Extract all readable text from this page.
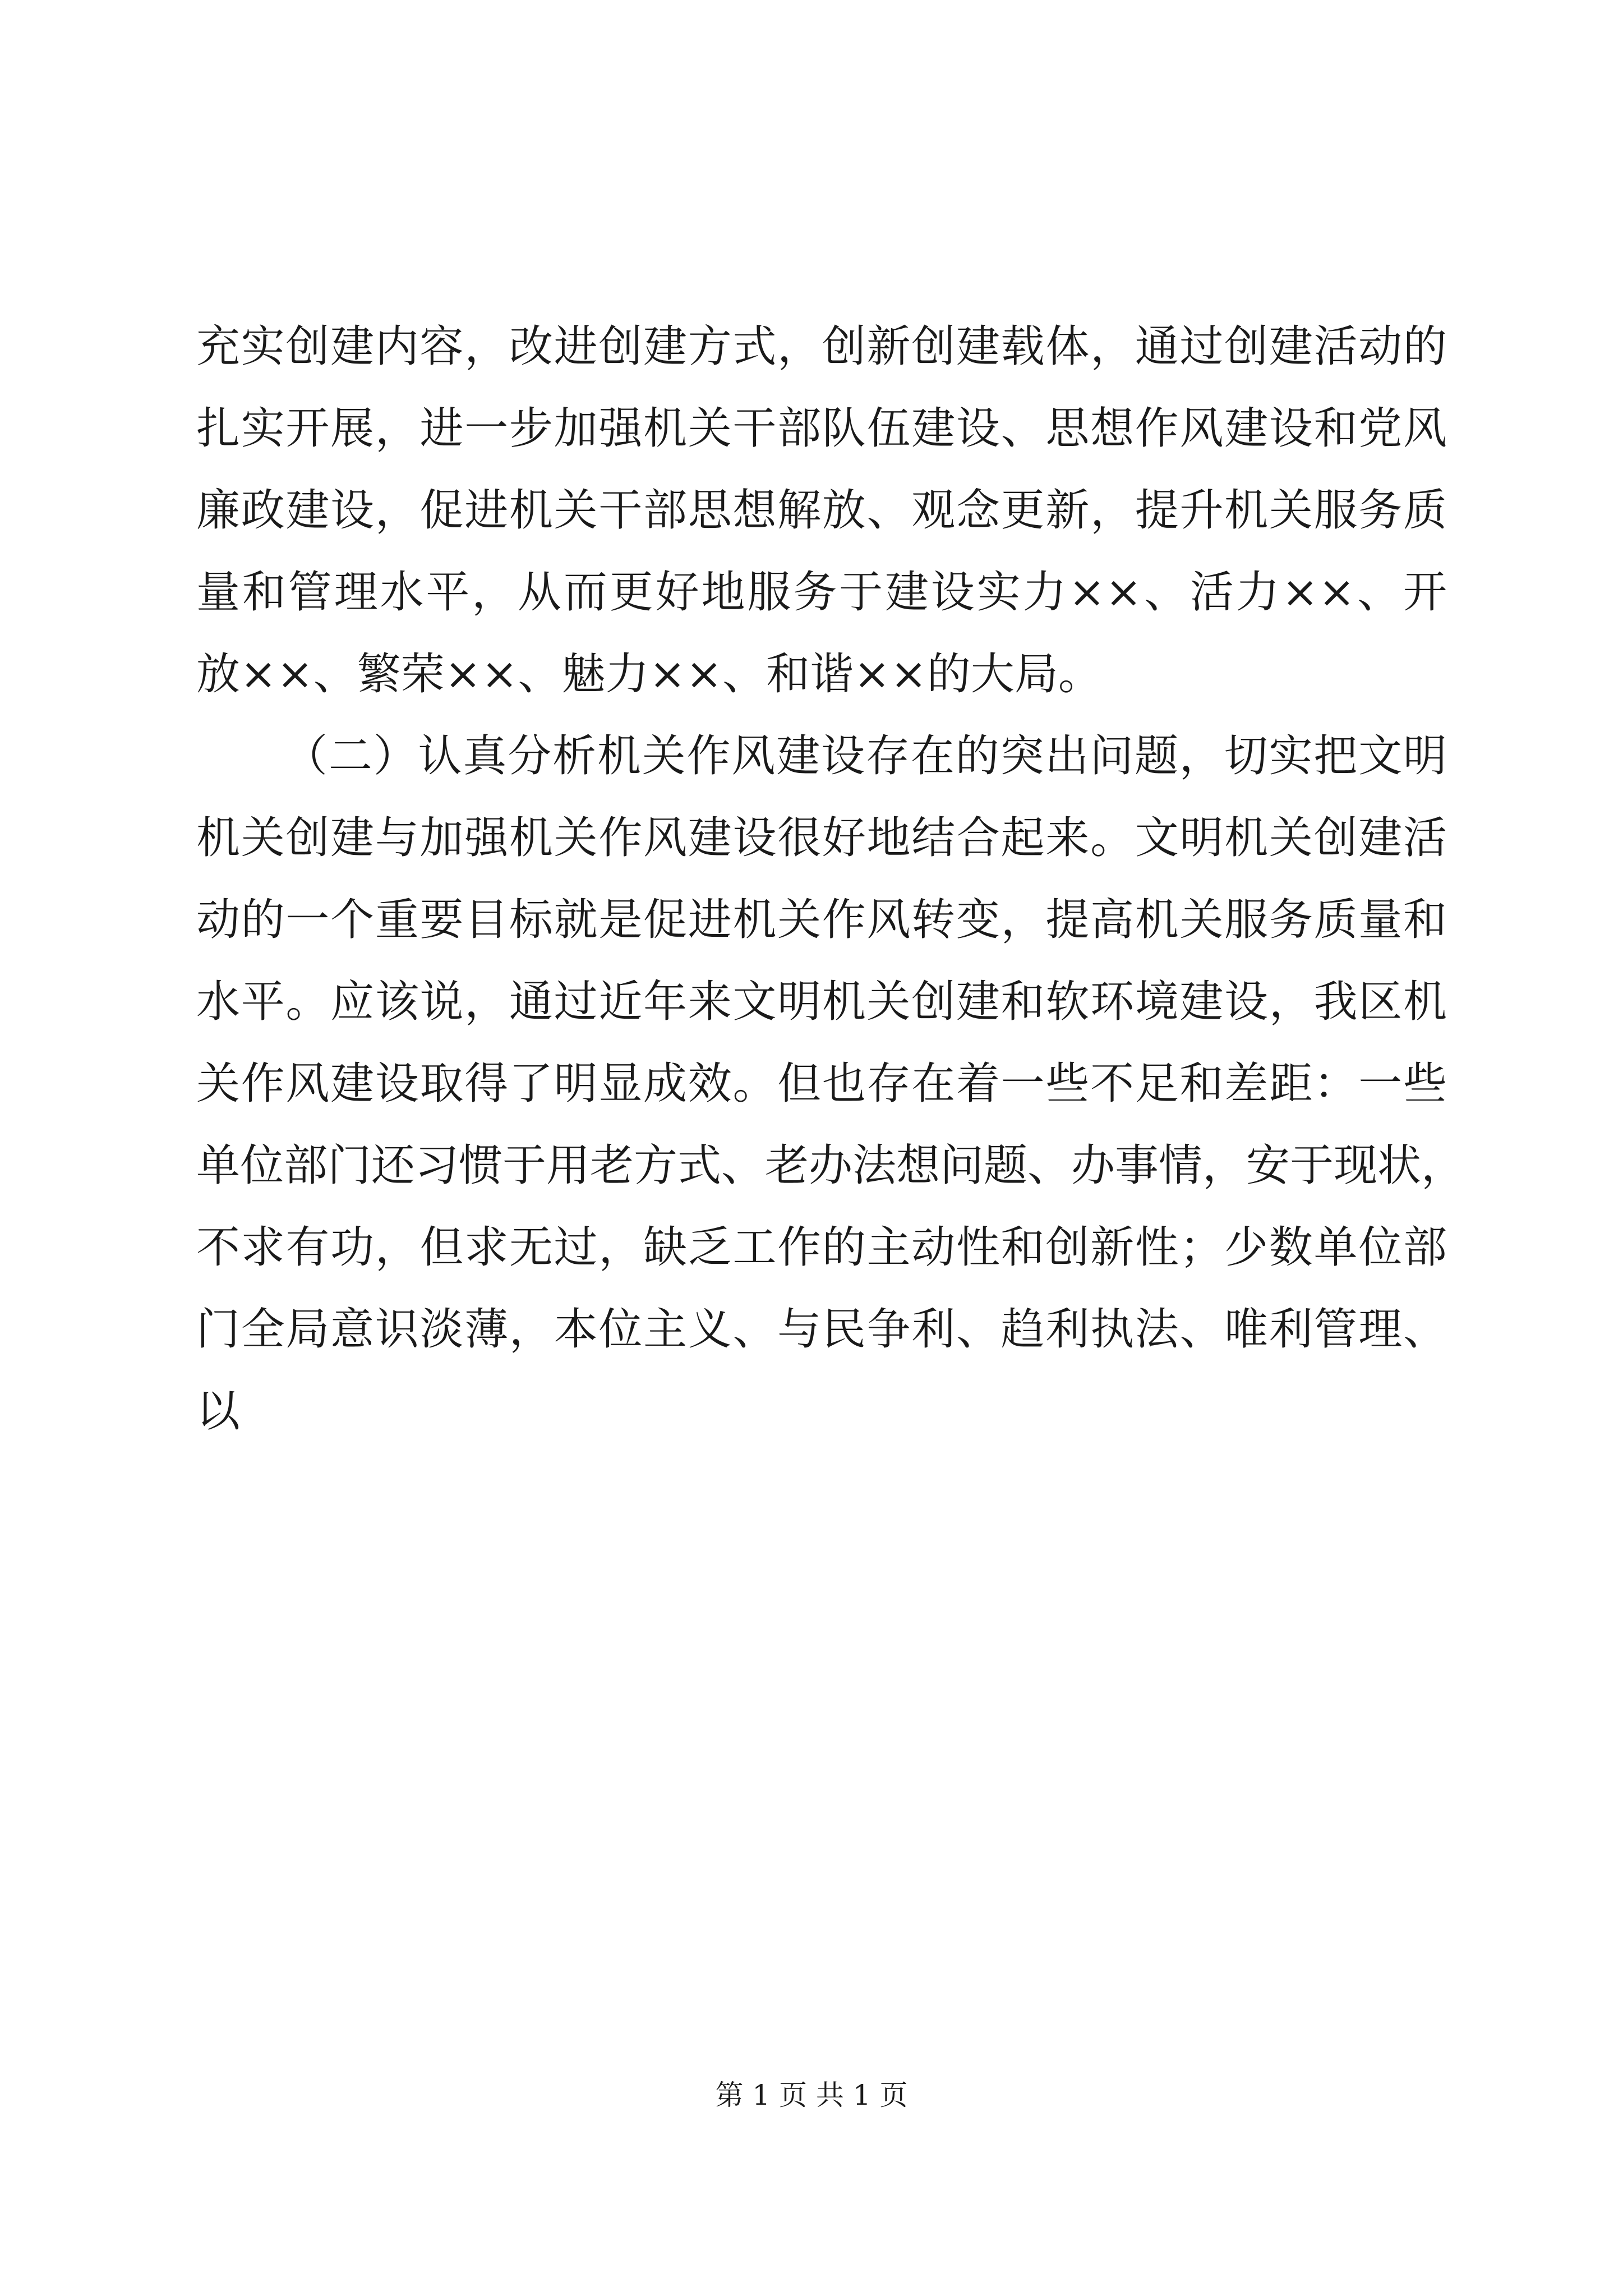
充实创建内容，改进创建方式，创新创建载体，通过创建活动的
扎实开展，进一步加强机关干部队伍建设、思想作风建设和党风
廉政建设，促进机关干部思想解放、观念更新，提升机关服务质
量和管理水平，从而更好地服务于建设实力××、活力××、开
放××、繁荣××、魅力××、和谐××的大局。
（二）认真分析机关作风建设存在的突出问题，切实把文明
机关创建与加强机关作风建设很好地结合起来。文明机关创建活
动的一个重要目标就是促进机关作风转变，提高机关服务质量和
水平。应该说，通过近年来文明机关创建和软环境建设，我区机
关作风建设取得了明显成效。但也存在着一些不足和差距：一些
单位部门还习惯于用老方式、老办法想问题、办事情，安于现状，
不求有功，但求无过，缺乏工作的主动性和创新性；少数单位部
门全局意识淡薄，本位主义、与民争利、趋利执法、唯利管理、
以
第 1 页 共 1 页
